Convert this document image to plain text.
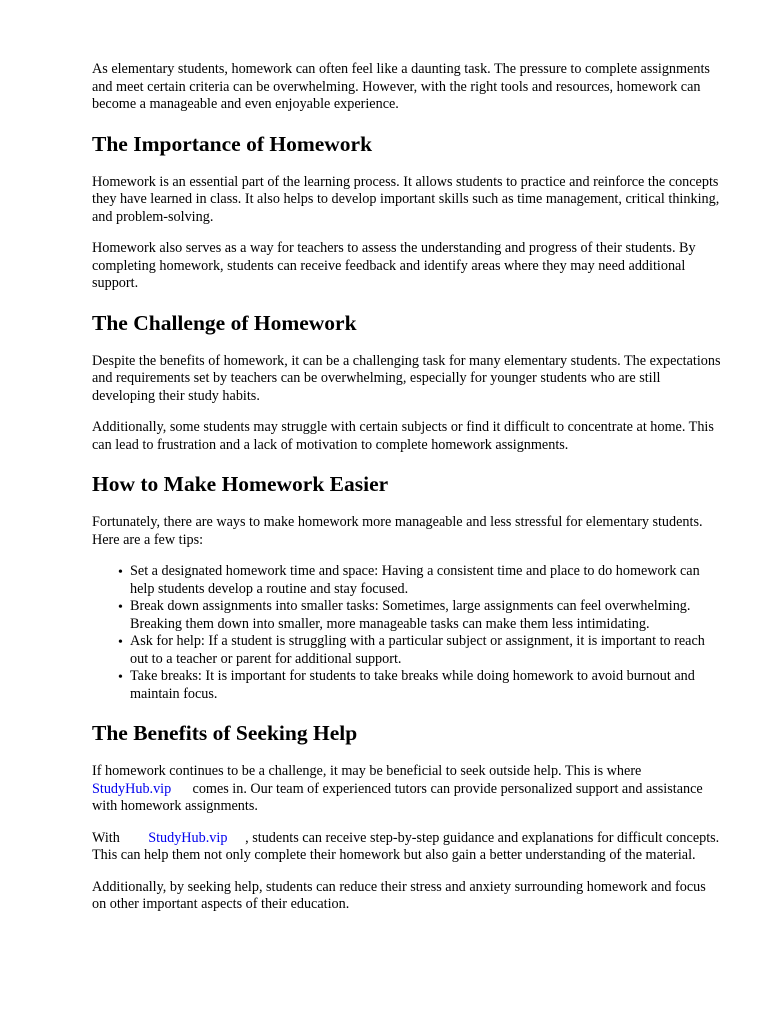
As elementary students, homework can often feel like a daunting task. The pressure to complete assignments and meet certain criteria can be overwhelming. However, with the right tools and resources, homework can become a manageable and even enjoyable experience.

The Importance of Homework

Homework is an essential part of the learning process. It allows students to practice and reinforce the concepts they have learned in class. It also helps to develop important skills such as time management, critical thinking, and problem-solving.

Homework also serves as a way for teachers to assess the understanding and progress of their students. By completing homework, students can receive feedback and identify areas where they may need additional support.

The Challenge of Homework

Despite the benefits of homework, it can be a challenging task for many elementary students. The expectations and requirements set by teachers can be overwhelming, especially for younger students who are still developing their study habits.

Additionally, some students may struggle with certain subjects or find it difficult to concentrate at home. This can lead to frustration and a lack of motivation to complete homework assignments.

How to Make Homework Easier

Fortunately, there are ways to make homework more manageable and less stressful for elementary students. Here are a few tips:

• Set a designated homework time and space: Having a consistent time and place to do homework can help students develop a routine and stay focused.
• Break down assignments into smaller tasks: Sometimes, large assignments can feel overwhelming. Breaking them down into smaller, more manageable tasks can make them less intimidating.
• Ask for help: If a student is struggling with a particular subject or assignment, it is important to reach out to a teacher or parent for additional support.
• Take breaks: It is important for students to take breaks while doing homework to avoid burnout and maintain focus.
The Benefits of Seeking Help

If homework continues to be a challenge, it may be beneficial to seek outside help. This is where
StudyHub.vip comes in. Our team of experienced tutors can provide personalized support and assistance with homework assignments.

With StudyHub.vip , students can receive step-by-step guidance and explanations for difficult concepts. This can help them not only complete their homework but also gain a better understanding of the material.

Additionally, by seeking help, students can reduce their stress and anxiety surrounding homework and focus on other important aspects of their education.
